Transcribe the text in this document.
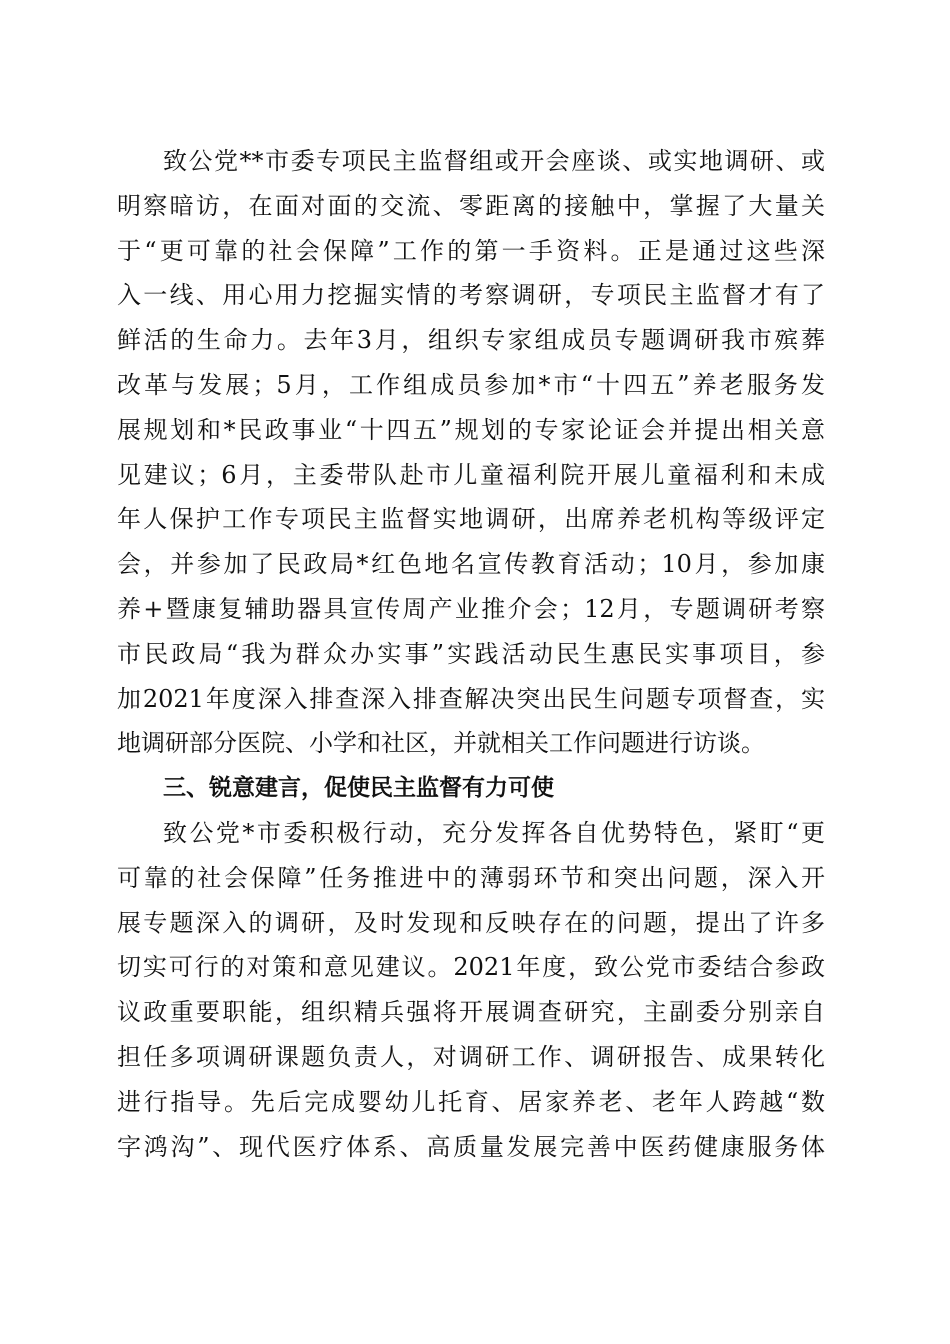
致公党**市委专项民主监督组或开会座谈、或实地调研、或
明察暗访，在面对面的交流、零距离的接触中，掌握了大量关
于“更可靠的社会保障”工作的第一手资料。正是通过这些深
入一线、用心用力挖掘实情的考察调研，专项民主监督才有了
鲜活的生命力。去年3月，组织专家组成员专题调研我市殡葬
改革与发展；5月，工作组成员参加*市“十四五”养老服务发
展规划和*民政事业“十四五”规划的专家论证会并提出相关意
见建议；6月，主委带队赴市儿童福利院开展儿童福利和未成
年人保护工作专项民主监督实地调研，出席养老机构等级评定
会，并参加了民政局*红色地名宣传教育活动；10月，参加康
养+暨康复辅助器具宣传周产业推介会；12月，专题调研考察
市民政局“我为群众办实事”实践活动民生惠民实事项目，参
加2021年度深入排查深入排查解决突出民生问题专项督查，实
地调研部分医院、小学和社区，并就相关工作问题进行访谈。
三、锐意建言，促使民主监督有力可使
致公党*市委积极行动，充分发挥各自优势特色，紧盯“更
可靠的社会保障”任务推进中的薄弱环节和突出问题，深入开
展专题深入的调研，及时发现和反映存在的问题，提出了许多
切实可行的对策和意见建议。2021年度，致公党市委结合参政
议政重要职能，组织精兵强将开展调查研究，主副委分别亲自
担任多项调研课题负责人，对调研工作、调研报告、成果转化
进行指导。先后完成婴幼儿托育、居家养老、老年人跨越“数
字鸿沟”、现代医疗体系、高质量发展完善中医药健康服务体
